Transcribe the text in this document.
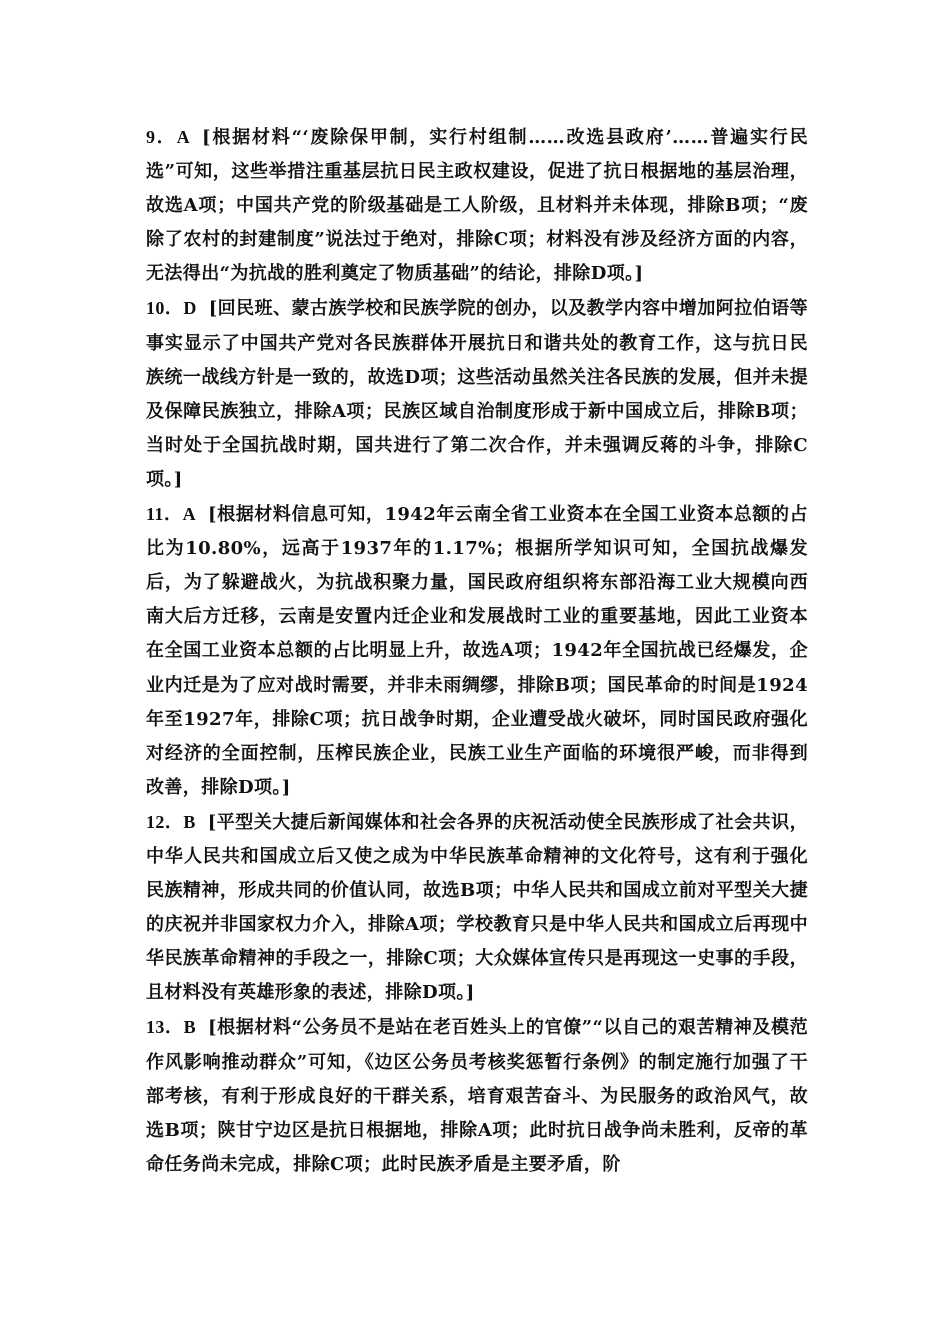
9．A [根据材料“‘废除保甲制，实行村组制……改选县政府’……普遍实行民选”可知，这些举措注重基层抗日民主政权建设，促进了抗日根据地的基层治理，故选A项；中国共产党的阶级基础是工人阶级，且材料并未体现，排除B项；“废除了农村的封建制度”说法过于绝对，排除C项；材料没有涉及经济方面的内容，无法得出“为抗战的胜利奠定了物质基础”的结论，排除D项。]

10．D [回民班、蒙古族学校和民族学院的创办，以及教学内容中增加阿拉伯语等事实显示了中国共产党对各民族群体开展抗日和谐共处的教育工作，这与抗日民族统一战线方针是一致的，故选D项；这些活动虽然关注各民族的发展，但并未提及保障民族独立，排除A项；民族区域自治制度形成于新中国成立后，排除B项；当时处于全国抗战时期，国共进行了第二次合作，并未强调反蒋的斗争，排除C项。]

11．A [根据材料信息可知，1942年云南全省工业资本在全国工业资本总额的占比为10.80%，远高于1937年的1.17%；根据所学知识可知，全国抗战爆发后，为了躲避战火，为抗战积聚力量，国民政府组织将东部沿海工业大规模向西南大后方迁移，云南是安置内迁企业和发展战时工业的重要基地，因此工业资本在全国工业资本总额的占比明显上升，故选A项；1942年全国抗战已经爆发，企业内迁是为了应对战时需要，并非未雨绸缪，排除B项；国民革命的时间是1924年至1927年，排除C项；抗日战争时期，企业遭受战火破坏，同时国民政府强化对经济的全面控制，压榨民族企业，民族工业生产面临的环境很严峻，而非得到改善，排除D项。]

12．B [平型关大捷后新闻媒体和社会各界的庆祝活动使全民族形成了社会共识，中华人民共和国成立后又使之成为中华民族革命精神的文化符号，这有利于强化民族精神，形成共同的价值认同，故选B项；中华人民共和国成立前对平型关大捷的庆祝并非国家权力介入，排除A项；学校教育只是中华人民共和国成立后再现中华民族革命精神的手段之一，排除C项；大众媒体宣传只是再现这一史事的手段，且材料没有英雄形象的表述，排除D项。]

13．B [根据材料“公务员不是站在老百姓头上的官僚”“以自己的艰苦精神及模范作风影响推动群众”可知，《边区公务员考核奖惩暂行条例》的制定施行加强了干部考核，有利于形成良好的干群关系，培育艰苦奋斗、为民服务的政治风气，故选B项；陕甘宁边区是抗日根据地，排除A项；此时抗日战争尚未胜利，反帝的革命任务尚未完成，排除C项；此时民族矛盾是主要矛盾，阶
